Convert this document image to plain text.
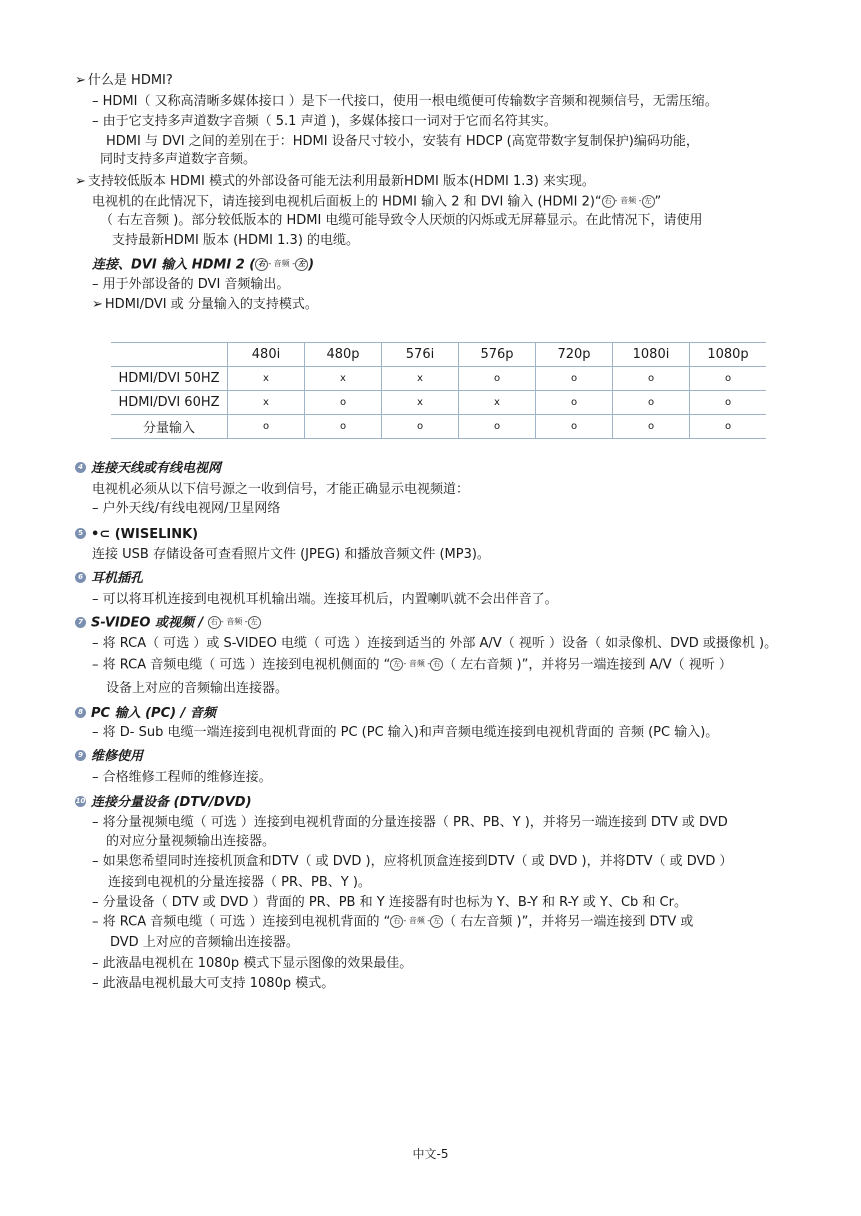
➢ 什么是 HDMI?
– HDMI（ 又称高清晰多媒体接口 ）是下一代接口，使用一根电缆便可传输数字音频和视频信号，无需压缩。
– 由于它支持多声道数字音频（ 5.1 声道 )，多媒体接口一词对于它而名符其实。
HDMI 与 DVI 之间的差别在于：HDMI 设备尺寸较小，安装有 HDCP (高宽带数字复制保护)编码功能，
同时支持多声道数字音频。
➢ 支持较低版本 HDMI 模式的外部设备可能无法利用最新HDMI 版本(HDMI 1.3) 来实现。
电视机的在此情况下，请连接到电视机后面板上的 HDMI 输入 2 和 DVI 输入 (HDMI 2)“ 右 - 音频 - 左 ”
（ 右左音频 )。部分较低版本的 HDMI 电缆可能导致令人厌烦的闪烁或无屏幕显示。在此情况下，请使用
支持最新HDMI 版本 (HDMI 1.3) 的电缆。
连接、DVI 输入 HDMI 2 ( 右 - 音频 - 左 )
– 用于外部设备的 DVI 音频输出。
➢ HDMI/DVI 或 分量输入的支持模式。
	480i	480p	576i	576p	720p	1080i	1080p
HDMI/DVI 50HZ	x	x	x	o	o	o	o
HDMI/DVI 60HZ	x	o	x	x	o	o	o
分量输入	o	o	o	o	o	o	o
4 连接天线或有线电视网
电视机必须从以下信号源之一收到信号，才能正确显示电视频道：
– 户外天线/有线电视网/卫星网络
5 •⊂ (WISELINK)
连接 USB 存储设备可查看照片文件 (JPEG) 和播放音频文件 (MP3)。
6 耳机插孔
– 可以将耳机连接到电视机耳机输出端。连接耳机后，内置喇叭就不会出伴音了。
7 S-VIDEO 或视频 / 右 - 音频 - 左
– 将 RCA（ 可选 ）或 S-VIDEO 电缆（ 可选 ）连接到适当的 外部 A/V（ 视听 ）设备（ 如录像机、DVD 或摄像机 )。
– 将 RCA 音频电缆（ 可选 ）连接到电视机侧面的 “ 左 - 音频 - 右 （ 左右音频 )”，并将另一端连接到 A/V（ 视听 ）
设备上对应的音频输出连接器。
8 PC 输入 (PC) / 音频
– 将 D- Sub 电缆一端连接到电视机背面的 PC (PC 输入)和声音频电缆连接到电视机背面的 音频 (PC 输入)。
9 维修使用
– 合格维修工程师的维修连接。
10 连接分量设备 (DTV/DVD)
– 将分量视频电缆（ 可选 ）连接到电视机背面的分量连接器（ PR、PB、Y )，并将另一端连接到 DTV 或 DVD
的对应分量视频输出连接器。
– 如果您希望同时连接机顶盒和DTV（ 或 DVD )，应将机顶盒连接到DTV（ 或 DVD )，并将DTV（ 或 DVD ）
连接到电视机的分量连接器（ PR、PB、Y )。
– 分量设备（ DTV 或 DVD ）背面的 PR、PB 和 Y 连接器有时也标为 Y、B-Y 和 R-Y 或 Y、Cb 和 Cr。
– 将 RCA 音频电缆（ 可选 ）连接到电视机背面的 “ 右 - 音频 - 左 （ 右左音频 )”，并将另一端连接到 DTV 或
DVD 上对应的音频输出连接器。
– 此液晶电视机在 1080p 模式下显示图像的效果最佳。
– 此液晶电视机最大可支持 1080p 模式。
中文-5
